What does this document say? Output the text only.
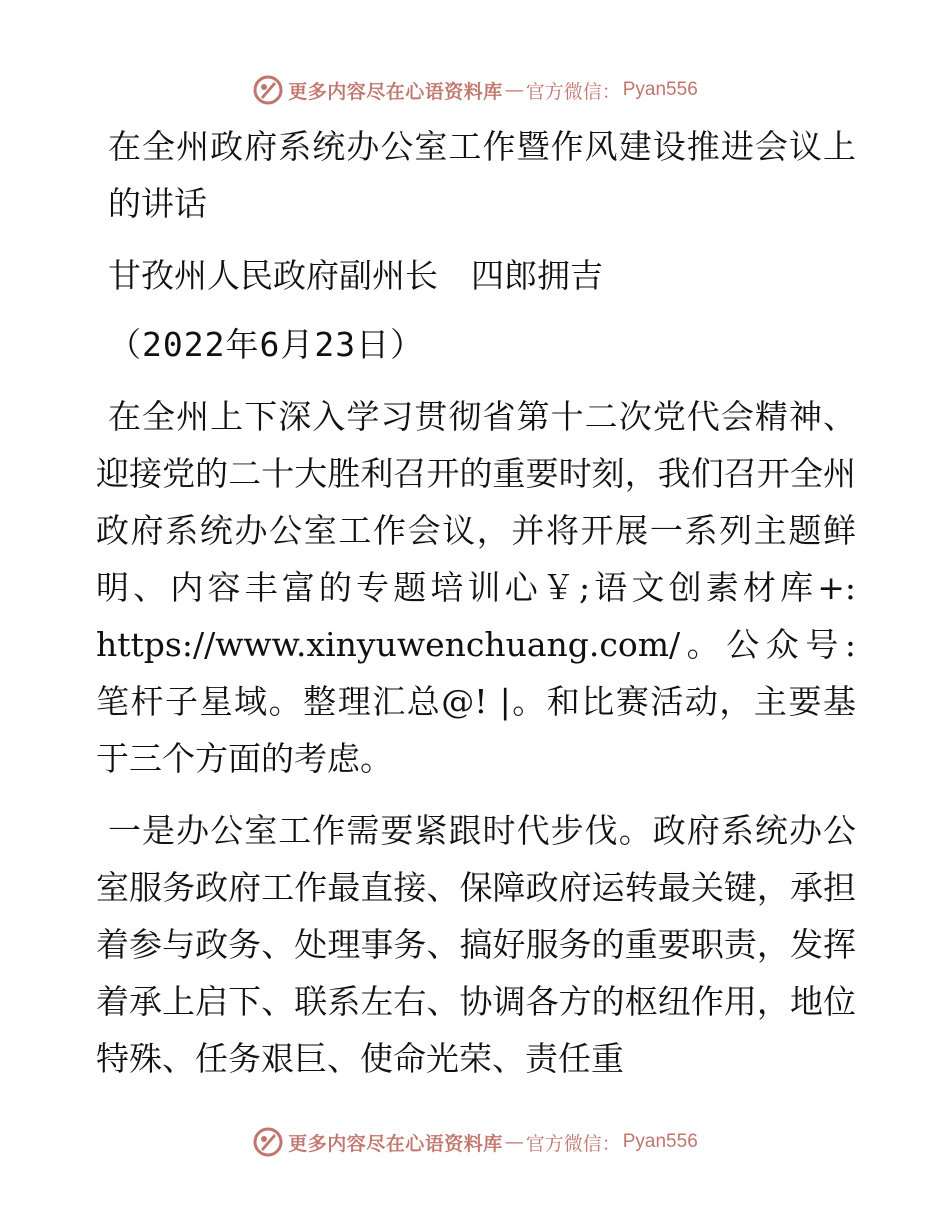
更多内容尽在心语资料库 — 官方微信： Pyan556

在全州政府系统办公室工作暨作风建设推进会议上的讲话

甘孜州人民政府副州长　四郎拥吉

（2022年6月23日）

在全州上下深入学习贯彻省第十二次党代会精神、迎接党的二十大胜利召开的重要时刻，我们召开全州政府系统办公室工作会议，并将开展一系列主题鲜明、内容丰富的专题培训心￥;语文创素材库+: https://www.xinyuwenchuang.com/。公众号: 笔杆子星域。整理汇总@! |。和比赛活动，主要基于三个方面的考虑。

一是办公室工作需要紧跟时代步伐。政府系统办公室服务政府工作最直接、保障政府运转最关键，承担着参与政务、处理事务、搞好服务的重要职责，发挥着承上启下、联系左右、协调各方的枢纽作用，地位特殊、任务艰巨、使命光荣、责任重

更多内容尽在心语资料库 — 官方微信： Pyan556
